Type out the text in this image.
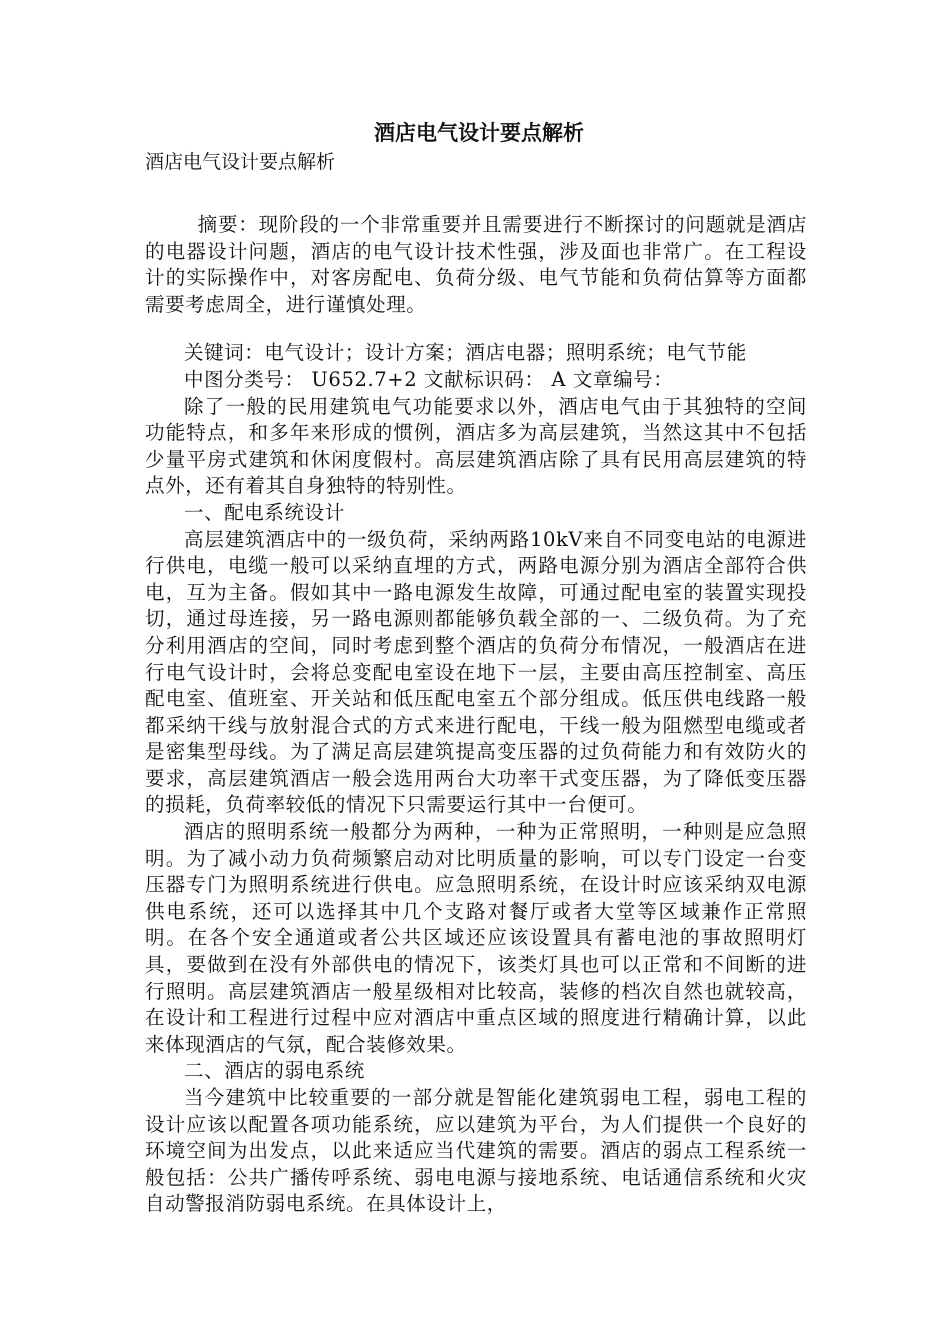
酒店电气设计要点解析
酒店电气设计要点解析

摘要：现阶段的一个非常重要并且需要进行不断探讨的问题就是酒店的电器设计问题，酒店的电气设计技术性强，涉及面也非常广。在工程设计的实际操作中，对客房配电、负荷分级、电气节能和负荷估算等方面都需要考虑周全，进行谨慎处理。

关键词：电气设计；设计方案；酒店电器；照明系统；电气节能

中图分类号： U652.7+2 文献标识码： A 文章编号：

除了一般的民用建筑电气功能要求以外，酒店电气由于其独特的空间功能特点，和多年来形成的惯例，酒店多为高层建筑，当然这其中不包括少量平房式建筑和休闲度假村。高层建筑酒店除了具有民用高层建筑的特点外，还有着其自身独特的特别性。

一、配电系统设计

高层建筑酒店中的一级负荷，采纳两路10kV来自不同变电站的电源进行供电，电缆一般可以采纳直埋的方式，两路电源分别为酒店全部符合供电，互为主备。假如其中一路电源发生故障，可通过配电室的装置实现投切，通过母连接，另一路电源则都能够负载全部的一、二级负荷。为了充分利用酒店的空间，同时考虑到整个酒店的负荷分布情况，一般酒店在进行电气设计时，会将总变配电室设在地下一层，主要由高压控制室、高压配电室、值班室、开关站和低压配电室五个部分组成。低压供电线路一般都采纳干线与放射混合式的方式来进行配电，干线一般为阻燃型电缆或者是密集型母线。为了满足高层建筑提高变压器的过负荷能力和有效防火的要求，高层建筑酒店一般会选用两台大功率干式变压器，为了降低变压器的损耗，负荷率较低的情况下只需要运行其中一台便可。

酒店的照明系统一般都分为两种，一种为正常照明，一种则是应急照明。为了减小动力负荷频繁启动对比明质量的影响，可以专门设定一台变压器专门为照明系统进行供电。应急照明系统，在设计时应该采纳双电源供电系统，还可以选择其中几个支路对餐厅或者大堂等区域兼作正常照明。在各个安全通道或者公共区域还应该设置具有蓄电池的事故照明灯具，要做到在没有外部供电的情况下，该类灯具也可以正常和不间断的进行照明。高层建筑酒店一般星级相对比较高，装修的档次自然也就较高，在设计和工程进行过程中应对酒店中重点区域的照度进行精确计算，以此来体现酒店的气氛，配合装修效果。

二、酒店的弱电系统

当今建筑中比较重要的一部分就是智能化建筑弱电工程，弱电工程的设计应该以配置各项功能系统，应以建筑为平台，为人们提供一个良好的环境空间为出发点，以此来适应当代建筑的需要。酒店的弱点工程系统一般包括：公共广播传呼系统、弱电电源与接地系统、电话通信系统和火灾自动警报消防弱电系统。在具体设计上，
